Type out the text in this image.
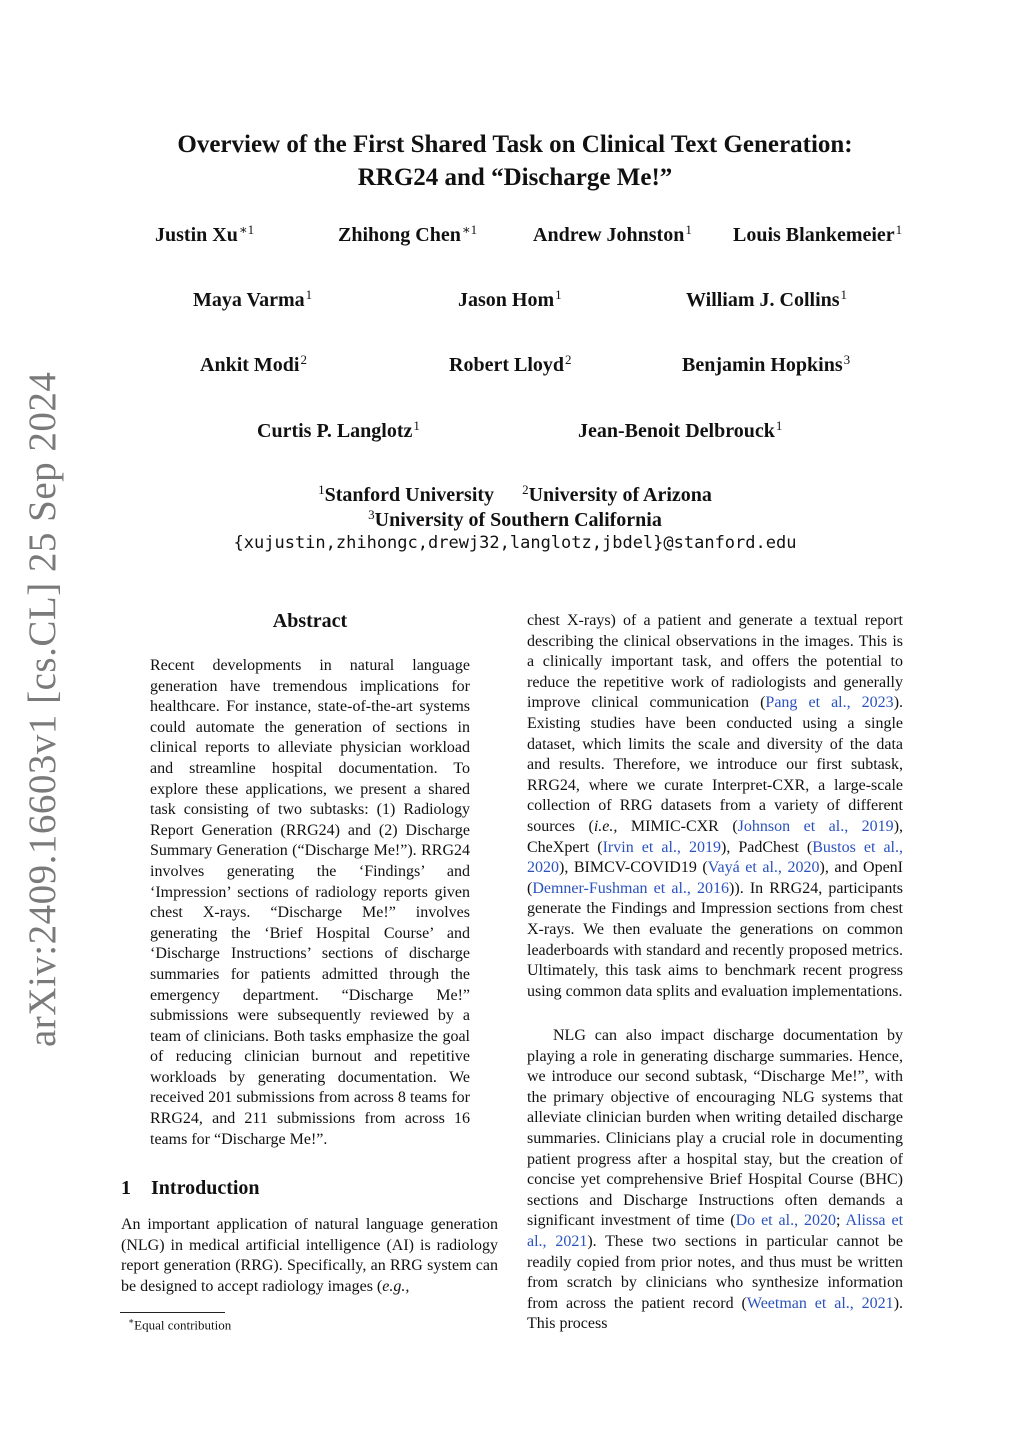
Overview of the First Shared Task on Clinical Text Generation:
RRG24 and “Discharge Me!”
Justin $Xu^{∗1}$	Zhihong Chen$^{∗1}$	Andrew Johnston$^1$ Louis Blankemeier$^1$
Maya Varma$^1$	Jason Hom$^1$	William J. Collins$^1$
Ankit Modi$^2$	Robert Lloyd$^2$	Benjamin Hopkins$^3$
Curtis P. Langlotz$^1$	Jean-Benoit Delbrouck$^1$
$^1$Stanford University $^2$University of Arizona
$^3$University of Southern California
{xujustin,zhihongc,drewj32,langlotz,jbdel}@stanford.edu
arXiv:2409.16603v1 [cs.CL] 25 Sep 2024	Abstract
Recent developments in natural language generation have tremendous implications for healthcare. For instance, state-of-the-art systems could automate the generation of sections in clinical reports to alleviate physician workload and streamline hospital documentation. To explore these applications, we present a shared task consisting of two subtasks: (1) Radiology Report Generation (RRG24) and (2) Discharge Summary Generation (“Discharge Me!”). RRG24 involves generating the ‘Findings’ and ‘Impression’ sections of radiology reports given chest X-rays. “Discharge Me!” involves generating the ‘Brief Hospital Course’ and ‘Discharge Instructions’ sections of discharge summaries for patients admitted through the emergency department. “Discharge Me!” submissions were subsequently reviewed by a team of clinicians. Both tasks emphasize the goal of reducing clinician burnout and repetitive workloads by generating documentation. We received 201 submissions from across 8 teams for RRG24, and 211 submissions from across 16 teams for “Discharge Me!”.
1 Introduction
An important application of natural language generation (NLG) in medical artificial intelligence (AI) is radiology report generation (RRG). Specifically, an RRG system can be designed to accept radiology images (e.g.,
∗Equal contribution
chest X-rays) of a patient and generate a textual report describing the clinical observations in the images. This is a clinically important task, and offers the potential to reduce the repetitive work of radiologists and generally improve clinical communication (Pang et al., 2023). Existing studies have been conducted using a single dataset, which limits the scale and diversity of the data and results. Therefore, we introduce our first subtask, RRG24, where we curate Interpret-CXR, a large-scale collection of RRG datasets from a variety of different sources (i.e., MIMIC-CXR (Johnson et al., 2019), CheXpert (Irvin et al., 2019), PadChest (Bustos et al., 2020), BIMCV-COVID19 (Vayá et al., 2020), and OpenI (Demner-Fushman et al., 2016)). In RRG24, participants generate the Findings and Impression sections from chest X-rays. We then evaluate the generations on common leaderboards with standard and recently proposed metrics. Ultimately, this task aims to benchmark recent progress using common data splits and evaluation implementations.
NLG can also impact discharge documentation by playing a role in generating discharge summaries. Hence, we introduce our second subtask, “Discharge Me!”, with the primary objective of encouraging NLG systems that alleviate clinician burden when writing detailed discharge summaries. Clinicians play a crucial role in documenting patient progress after a hospital stay, but the creation of concise yet comprehensive Brief Hospital Course (BHC) sections and Discharge Instructions often demands a significant investment of time (Do et al., 2020; Alissa et al., 2021). These two sections in particular cannot be readily copied from prior notes, and thus must be written from scratch by clinicians who synthesize information from across the patient record (Weetman et al., 2021). This process
